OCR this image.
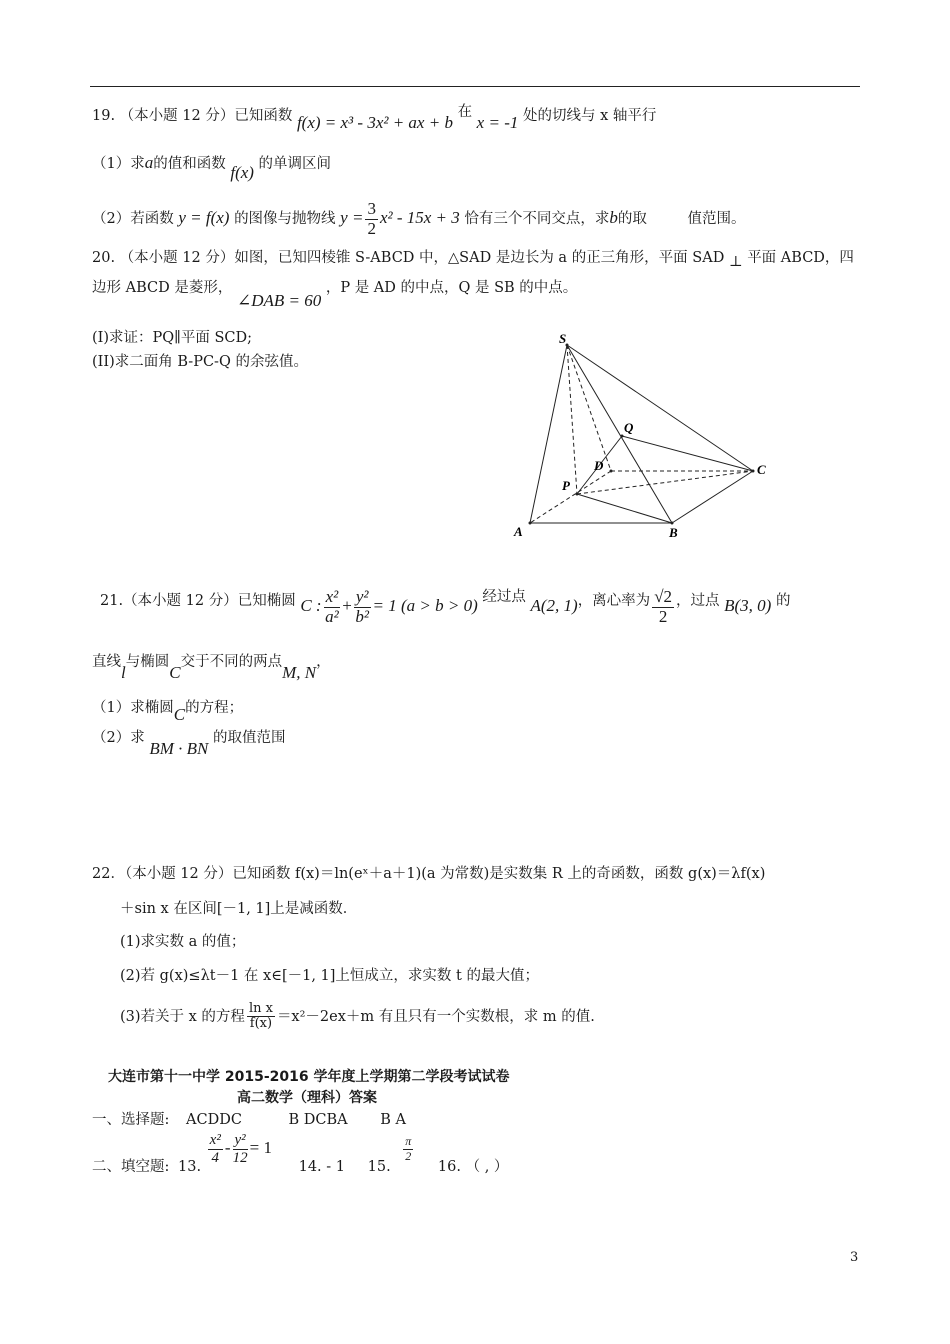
19. （本小题 12 分）已知函数 f(x) = x³ - 3x² + ax + b 在 x = -1 处的切线与 x 轴平行
（1）求a的值和函数 f(x) 的单调区间
（2）若函数 y = f(x) 的图像与抛物线 $y = \frac{3}{2} x^2 - 15x + 3$ 恰有三个不同交点，求b的取	值范围。
20. （本小题 12 分）如图，已知四棱锥 S-ABCD 中，△SAD 是边长为 a 的正三角形，平面 SAD ⊥ 平面 ABCD，四
边形 ABCD 是菱形， ∠DAB = 60 ，P 是 AD 的中点，Q 是 SB 的中点。
(I)求证：PQ∥平面 SCD;
(II)求二面角 B-PC-Q 的余弦值。
S
Q
D	C
P
A	B
21.（本小题 12 分）已知椭圆 C : $\frac{\text{x²}}{\text{a²}} + \frac{\text{y²}}{\text{b²}} = 1$ (a > b > 0) 经过点 A(2, 1)，离心率为 $\frac{√2}{2}$ ，过点 B(3, 0) 的
直线l与椭圆C交于不同的两点M, N，
（1）求椭圆C的方程；
（2）求 BM · BN 的取值范围
22．（本小题 12 分）已知函数 f(x)＝ln(eˣ＋a＋1)(a 为常数)是实数集 R 上的奇函数，函数 g(x)＝λf(x)
＋sin x 在区间[－1, 1]上是减函数．
(1)求实数 a 的值；
(2)若 g(x)≤λt－1 在 x∈[－1, 1]上恒成立，求实数 t 的最大值；
(3)若关于 x 的方程 $\frac{\text{ln x}}{f(x)} =x^2-2ex+m$ 有且只有一个实数根，求 m 的值.
大连市第十一中学 2015-2016 学年度上学期第二学段考试试卷
高二数学（理科）答案
一、选择题: ACDDC	B DCBA B A
二、填空题: 13.
$\frac{\text{x²}}{4} - \frac{\text{y²}}{12} = 1$ 14. - 1 15.
$\frac{\pi}{2}$
16. （ , ）
3
